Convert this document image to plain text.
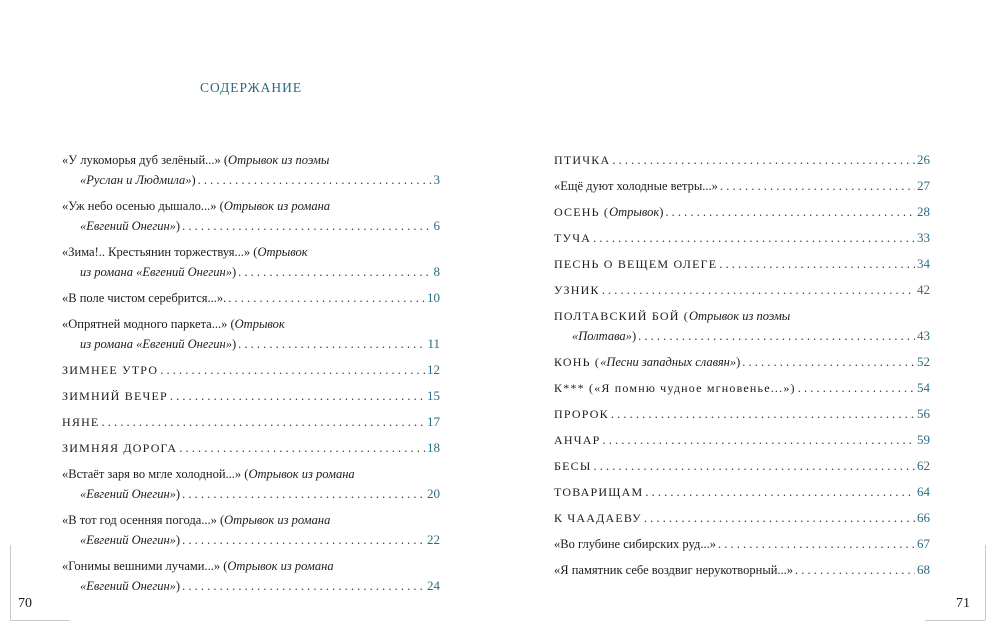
СОДЕРЖАНИЕ
«У лукоморья дуб зелёный...» ( Отрывок из поэмы
«Руслан и Людмила» ) . . .	3
«Уж небо осенью дышало...» ( Отрывок из романа
«Евгений Онегин» ) . . .	6
«Зима!.. Крестьянин торжествуя...» ( Отрывок
из романа «Евгений Онегин» ) . . .	8
«В поле чистом серебрится...». . . .	10
«Опрятней модного паркета...» ( Отрывок
из романа «Евгений Онегин» ) . . .	11
ЗИМНЕЕ УТРО . . .	12
ЗИМНИЙ ВЕЧЕР . . .	15
НЯНЕ . . .	17
ЗИМНЯЯ ДОРОГА . . .	18
«Встаёт заря во мгле холодной...» ( Отрывок из романа
«Евгений Онегин» ) . . .	20
«В тот год осенняя погода...» ( Отрывок из романа
«Евгений Онегин» ) . . .	22
«Гонимы вешними лучами...» ( Отрывок из романа
«Евгений Онегин» ) . . .	24
ПТИЧКА . . .	26
«Ещё дуют холодные ветры...» . . .	27
ОСЕНЬ ( Отрывок ) . . .	28
ТУЧА . . .	33
ПЕСНЬ О ВЕЩЕМ ОЛЕГЕ . . .	34
УЗНИК . . .	42
ПОЛТАВСКИЙ БОЙ ( Отрывок из поэмы
«Полтава» ) . . .	43
КОНЬ ( «Песни западных славян» ) . . .	52
К*** («Я помню чудное мгновенье...») . . .	54
ПРОРОК . . .	56
АНЧАР . . .	59
БЕСЫ . . .	62
ТОВАРИЩАМ . . .	64
К ЧААДАЕВУ . . .	66
«Во глубине сибирских руд...» . . .	67
«Я памятник себе воздвиг нерукотворный...» . . .	68
70	71
